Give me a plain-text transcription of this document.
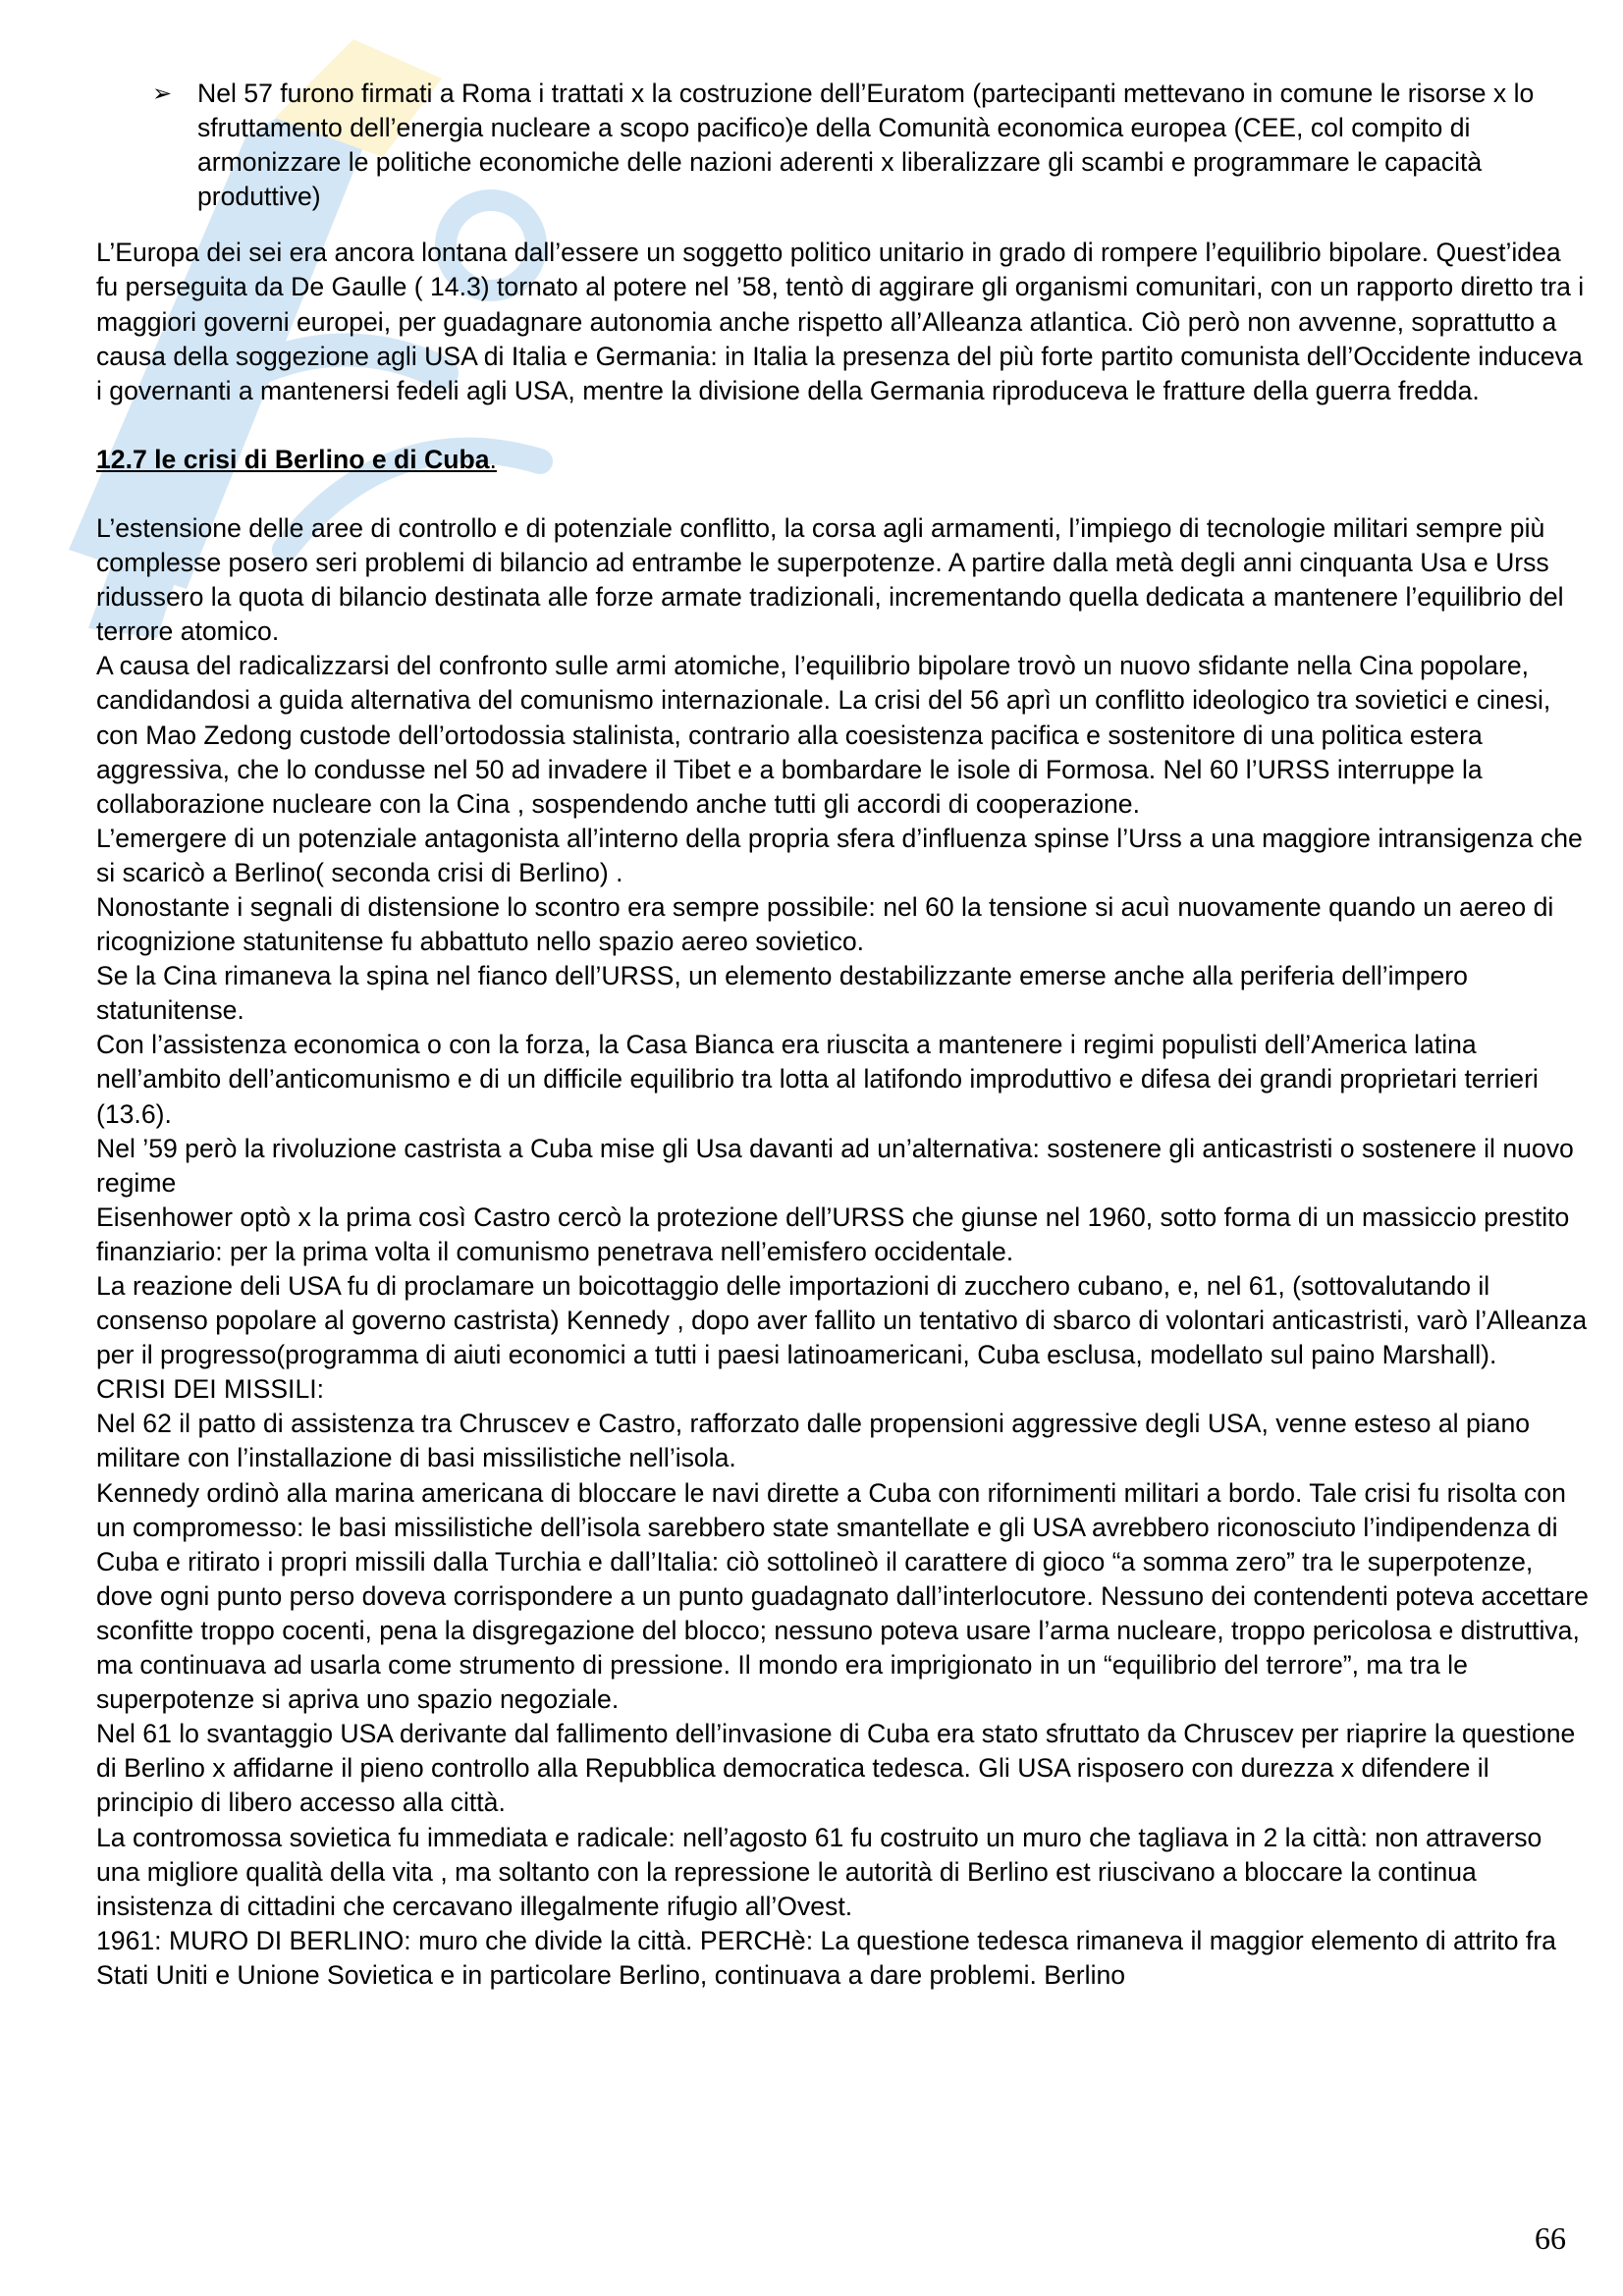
➢ Nel 57 furono firmati a Roma i trattati x la costruzione dell’Euratom (partecipanti mettevano in comune le risorse x lo sfruttamento dell’energia nucleare a scopo pacifico)e della Comunità economica europea (CEE, col compito di armonizzare le politiche economiche delle nazioni aderenti x liberalizzare gli scambi e programmare le capacità produttive)

L’Europa dei sei era ancora lontana dall’essere un soggetto politico unitario in grado di rompere l’equilibrio bipolare. Quest’idea fu perseguita da De Gaulle ( 14.3) tornato al potere nel ’58, tentò di aggirare gli organismi comunitari, con un rapporto diretto tra i maggiori governi europei, per guadagnare autonomia anche rispetto all’Alleanza atlantica. Ciò però non avvenne, soprattutto a causa della soggezione agli USA di Italia e Germania: in Italia la presenza del più forte partito comunista dell’Occidente induceva i governanti a mantenersi fedeli agli USA, mentre la divisione della Germania riproduceva le fratture della guerra fredda.

12.7 le crisi di Berlino e di Cuba.

L’estensione delle aree di controllo e di potenziale conflitto, la corsa agli armamenti, l’impiego di tecnologie militari sempre più complesse posero seri problemi di bilancio ad entrambe le superpotenze. A partire dalla metà degli anni cinquanta Usa e Urss ridussero la quota di bilancio destinata alle forze armate tradizionali, incrementando quella dedicata a mantenere l’equilibrio del terrore atomico.

A causa del radicalizzarsi del confronto sulle armi atomiche, l’equilibrio bipolare trovò un nuovo sfidante nella Cina popolare, candidandosi a guida alternativa del comunismo internazionale. La crisi del 56 aprì un conflitto ideologico tra sovietici e cinesi, con Mao Zedong custode dell’ortodossia stalinista, contrario alla coesistenza pacifica e sostenitore di una politica estera aggressiva, che lo condusse nel 50 ad invadere il Tibet e a bombardare le isole di Formosa. Nel 60 l’URSS interruppe la collaborazione nucleare con la Cina , sospendendo anche tutti gli accordi di cooperazione.

L’emergere di un potenziale antagonista all’interno della propria sfera d’influenza spinse l’Urss a una maggiore intransigenza che si scaricò a Berlino( seconda crisi di Berlino) .

Nonostante i segnali di distensione lo scontro era sempre possibile: nel 60 la tensione si acuì nuovamente quando un aereo di ricognizione statunitense fu abbattuto nello spazio aereo sovietico.

Se la Cina rimaneva la spina nel fianco dell’URSS, un elemento destabilizzante emerse anche alla periferia dell’impero statunitense.

Con l’assistenza economica o con la forza, la Casa Bianca era riuscita a mantenere i regimi populisti dell’America latina nell’ambito dell’anticomunismo e di un difficile equilibrio tra lotta al latifondo improduttivo e difesa dei grandi proprietari terrieri (13.6).

Nel ’59 però la rivoluzione castrista a Cuba mise gli Usa davanti ad un’alternativa: sostenere gli anticastristi o sostenere il nuovo regime

Eisenhower optò x la prima così Castro cercò la protezione dell’URSS che giunse nel 1960, sotto forma di un massiccio prestito finanziario: per la prima volta il comunismo penetrava nell’emisfero occidentale.

La reazione deli USA fu di proclamare un boicottaggio delle importazioni di zucchero cubano, e, nel 61, (sottovalutando il consenso popolare al governo castrista) Kennedy , dopo aver fallito un tentativo di sbarco di volontari anticastristi, varò l’Alleanza per il progresso(programma di aiuti economici a tutti i paesi latinoamericani, Cuba esclusa, modellato sul paino Marshall).

CRISI DEI MISSILI:

Nel 62 il patto di assistenza tra Chruscev e Castro, rafforzato dalle propensioni aggressive degli USA, venne esteso al piano militare con l’installazione di basi missilistiche nell’isola.

Kennedy ordinò alla marina americana di bloccare le navi dirette a Cuba con rifornimenti militari a bordo. Tale crisi fu risolta con un compromesso: le basi missilistiche dell’isola sarebbero state smantellate e gli USA avrebbero riconosciuto l’indipendenza di Cuba e ritirato i propri missili dalla Turchia e dall’Italia: ciò sottolineò il carattere di gioco “a somma zero” tra le superpotenze, dove ogni punto perso doveva corrispondere a un punto guadagnato dall’interlocutore. Nessuno dei contendenti poteva accettare sconfitte troppo cocenti, pena la disgregazione del blocco; nessuno poteva usare l’arma nucleare, troppo pericolosa e distruttiva, ma continuava ad usarla come strumento di pressione. Il mondo era imprigionato in un “equilibrio del terrore”, ma tra le superpotenze si apriva uno spazio negoziale.

Nel 61 lo svantaggio USA derivante dal fallimento dell’invasione di Cuba era stato sfruttato da Chruscev per riaprire la questione di Berlino x affidarne il pieno controllo alla Repubblica democratica tedesca. Gli USA risposero con durezza x difendere il principio di libero accesso alla città.

La contromossa sovietica fu immediata e radicale: nell’agosto 61 fu costruito un muro che tagliava in 2 la città: non attraverso una migliore qualità della vita , ma soltanto con la repressione le autorità di Berlino est riuscivano a bloccare la continua insistenza di cittadini che cercavano illegalmente rifugio all’Ovest.

1961: MURO DI BERLINO: muro che divide la città. PERCHè: La questione tedesca rimaneva il maggior elemento di attrito fra Stati Uniti e Unione Sovietica e in particolare Berlino, continuava a dare problemi. Berlino

66
